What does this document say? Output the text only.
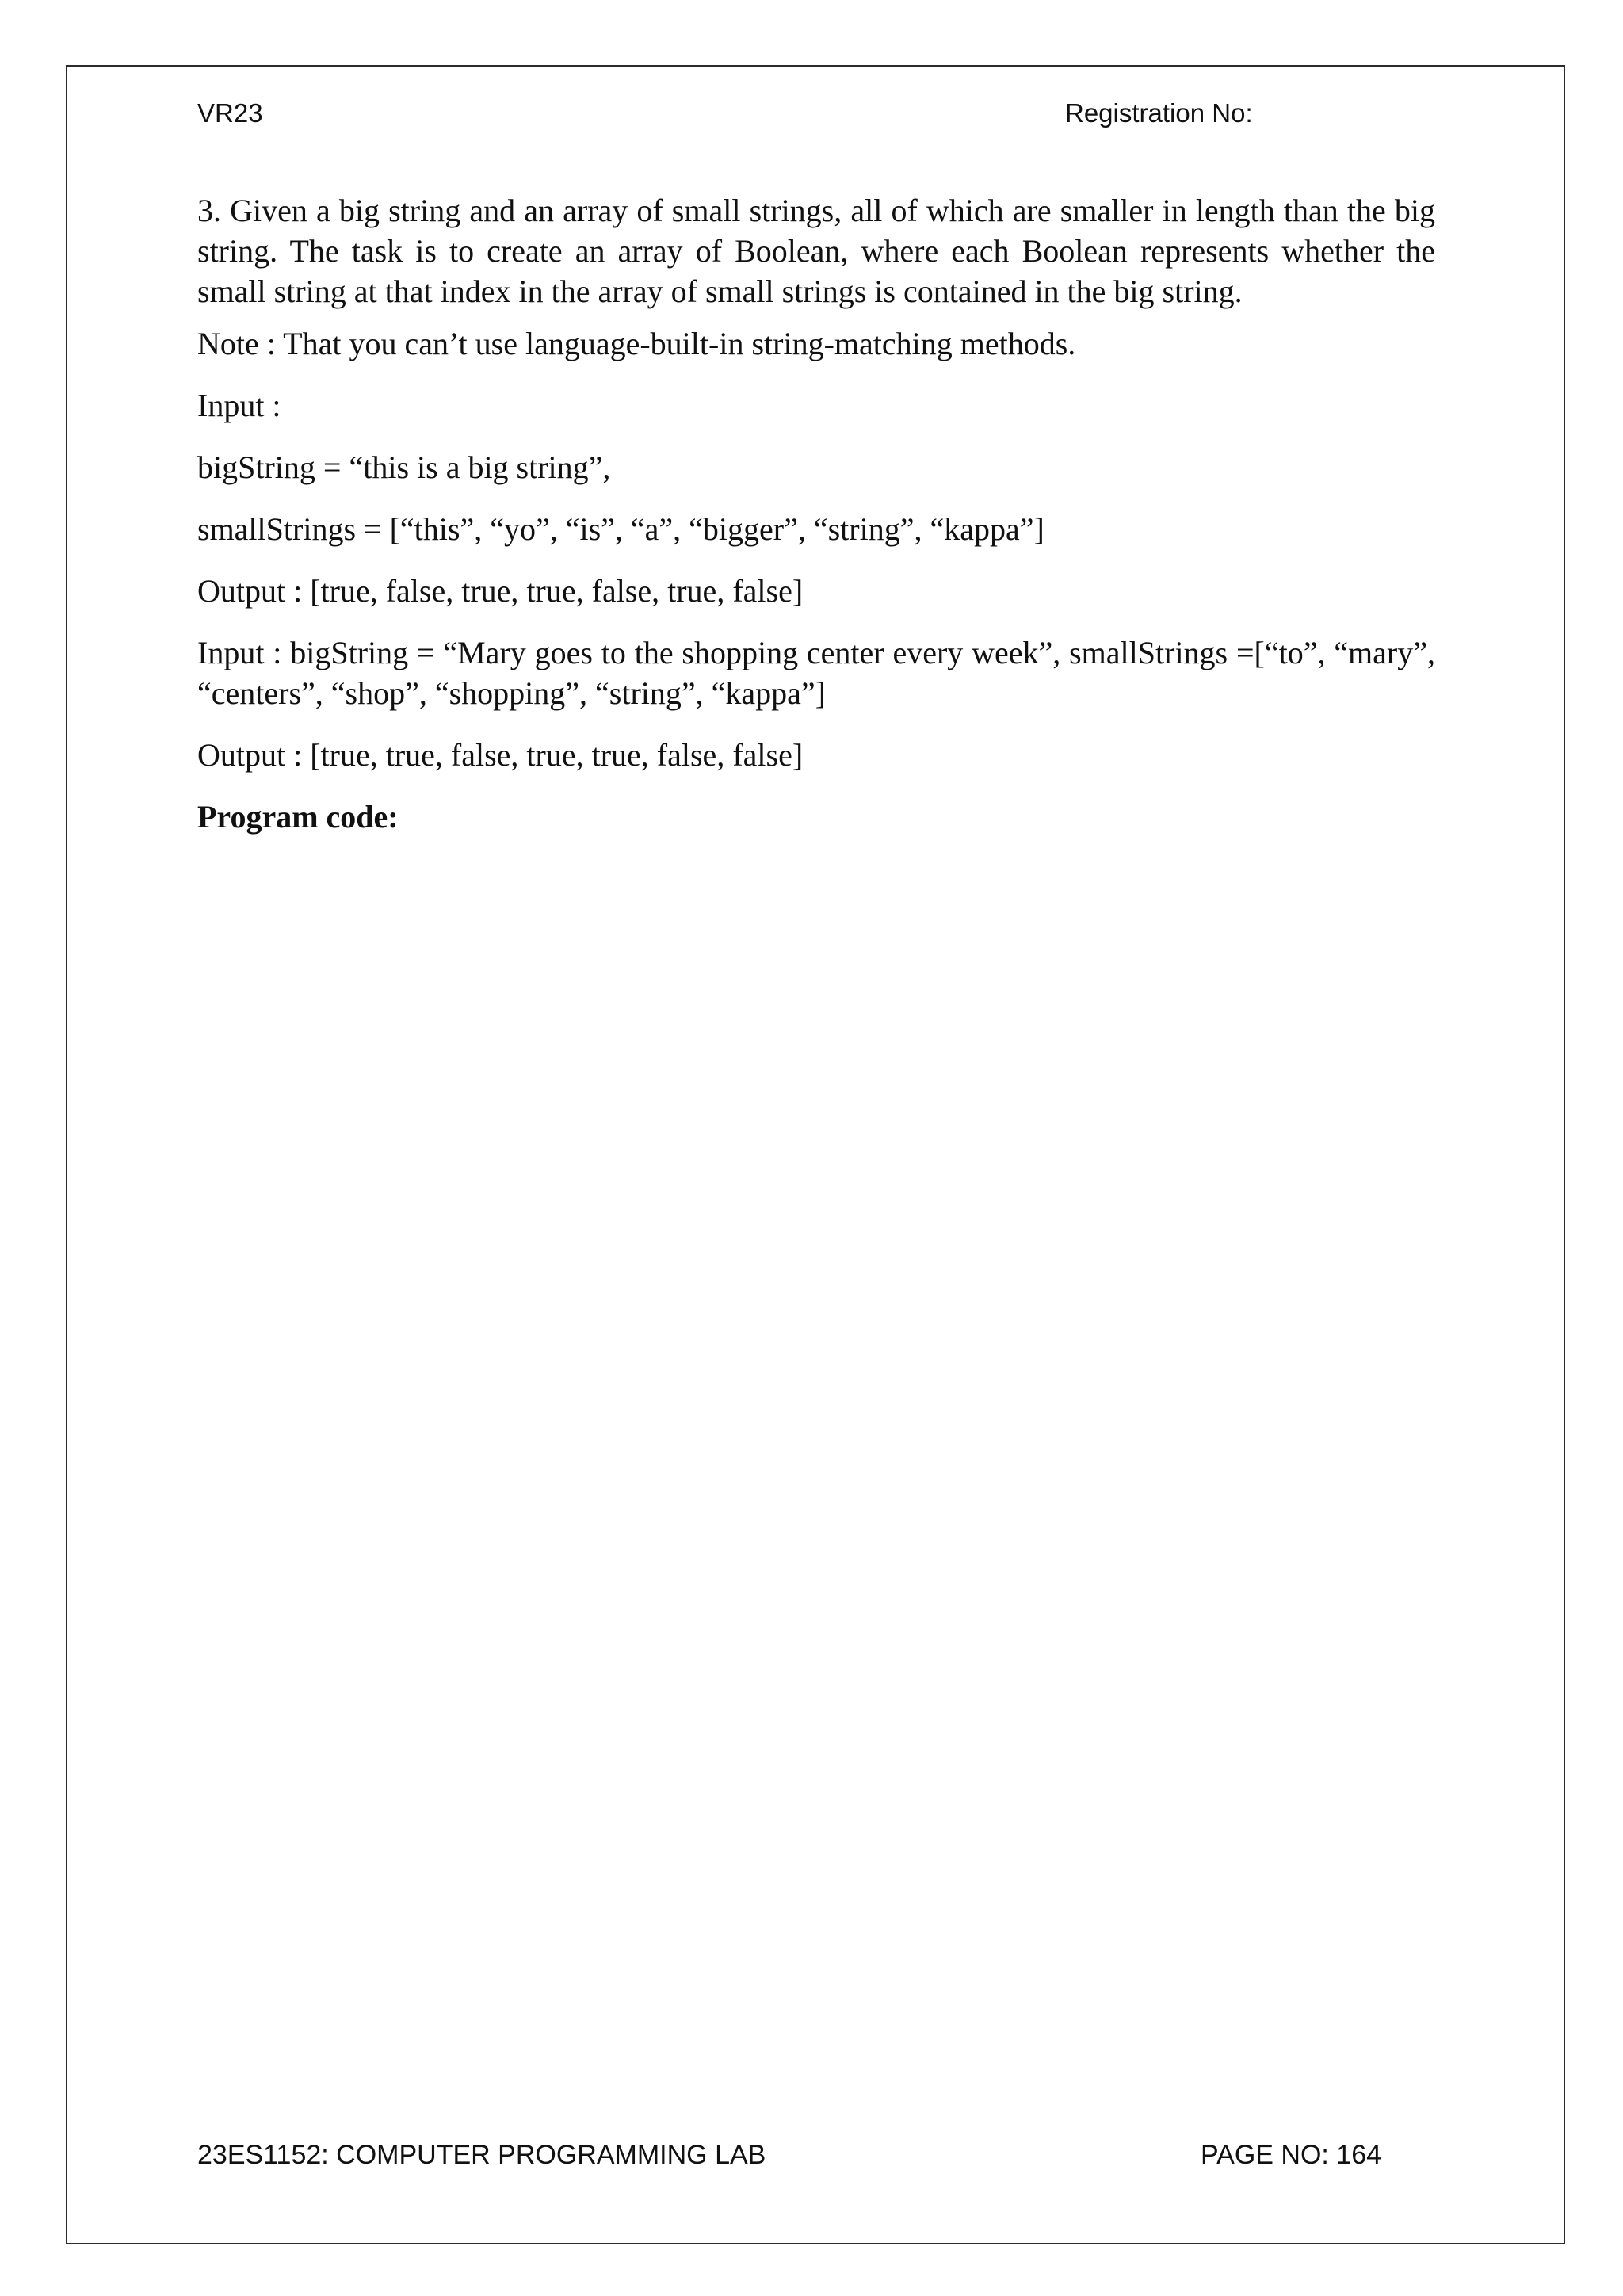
VR23	Registration No:

3. Given a big string and an array of small strings, all of which are smaller in length than the big string. The task is to create an array of Boolean, where each Boolean represents whether the small string at that index in the array of small strings is contained in the big string.

Note : That you can’t use language-built-in string-matching methods.

Input :

bigString = “this is a big string”,

smallStrings = [“this”, “yo”, “is”, “a”, “bigger”, “string”, “kappa”]

Output : [true, false, true, true, false, true, false]

Input : bigString = “Mary goes to the shopping center every week”, smallStrings =[“to”, “mary”, “centers”, “shop”, “shopping”, “string”, “kappa”]

Output : [true, true, false, true, true, false, false]

Program code:

23ES1152: COMPUTER PROGRAMMING LAB	PAGE NO: 164
